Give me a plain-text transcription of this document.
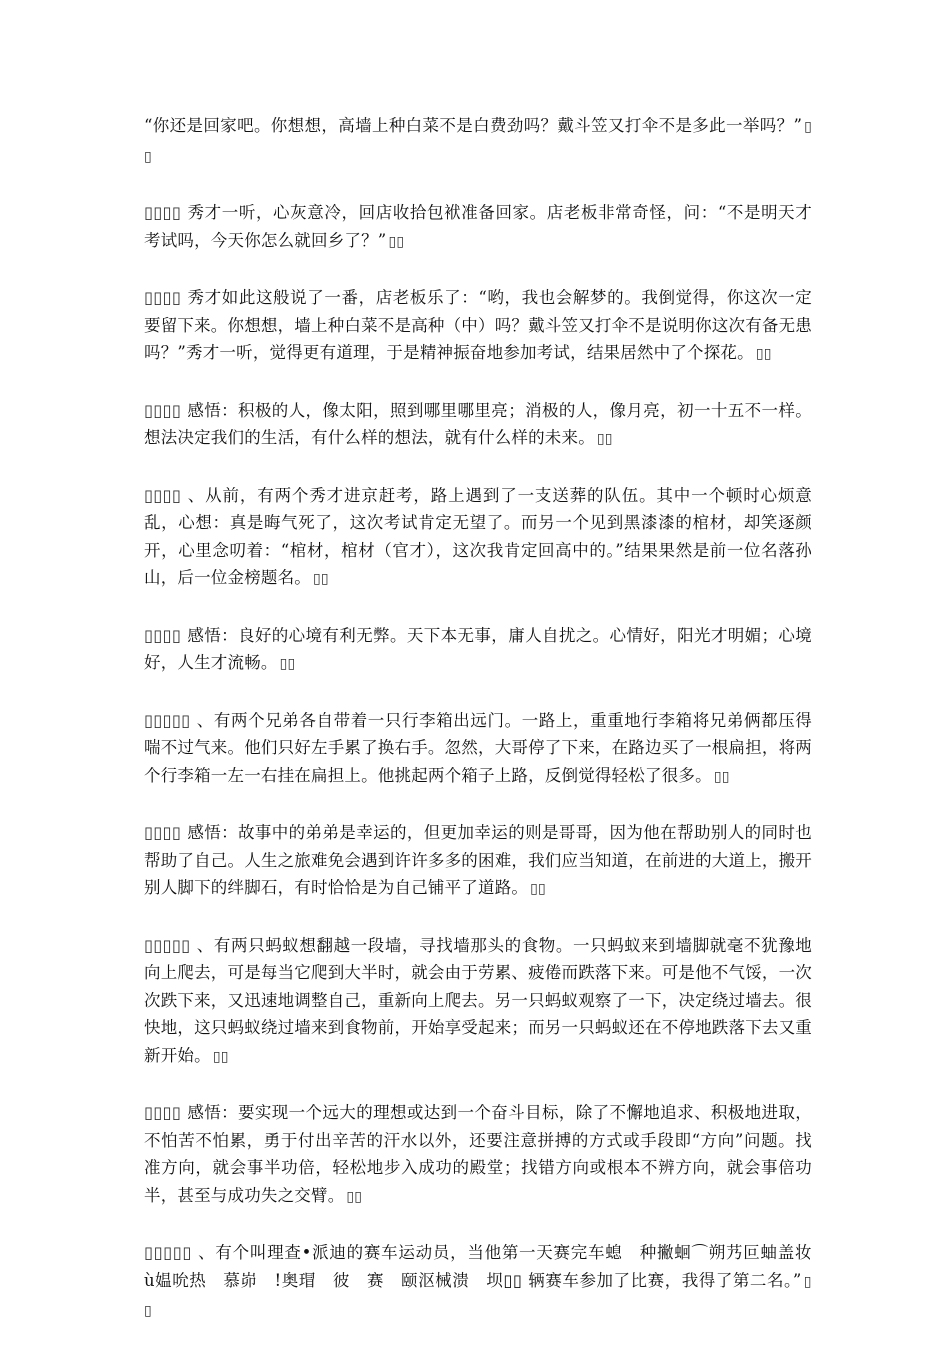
“你还是回家吧。你想想，高墙上种白菜不是白费劲吗？戴斗笠又打伞不是多此一举吗？” ▯▯

▯▯▯▯ 秀才一听，心灰意冷，回店收拾包袱准备回家。店老板非常奇怪，问：“不是明天才考试吗，今天你怎么就回乡了？” ▯▯

▯▯▯▯ 秀才如此这般说了一番，店老板乐了：“哟，我也会解梦的。我倒觉得，你这次一定要留下来。你想想，墙上种白菜不是高种（中）吗？戴斗笠又打伞不是说明你这次有备无患吗？”秀才一听，觉得更有道理，于是精神振奋地参加考试，结果居然中了个探花。 ▯▯

▯▯▯▯ 感悟：积极的人，像太阳，照到哪里哪里亮；消极的人，像月亮，初一十五不一样。想法决定我们的生活，有什么样的想法，就有什么样的未来。 ▯▯

▯▯▯▯ 、从前，有两个秀才进京赶考，路上遇到了一支送葬的队伍。其中一个顿时心烦意乱，心想：真是晦气死了，这次考试肯定无望了。而另一个见到黑漆漆的棺材，却笑逐颜开，心里念叨着：“棺材，棺材（官才），这次我肯定回高中的。”结果果然是前一位名落孙山，后一位金榜题名。 ▯▯

▯▯▯▯ 感悟：良好的心境有利无弊。天下本无事，庸人自扰之。心情好，阳光才明媚；心境好，人生才流畅。 ▯▯

▯▯▯▯▯ 、有两个兄弟各自带着一只行李箱出远门。一路上，重重地行李箱将兄弟俩都压得喘不过气来。他们只好左手累了换右手。忽然，大哥停了下来，在路边买了一根扁担，将两个行李箱一左一右挂在扁担上。他挑起两个箱子上路，反倒觉得轻松了很多。 ▯▯

▯▯▯▯ 感悟：故事中的弟弟是幸运的，但更加幸运的则是哥哥，因为他在帮助别人的同时也帮助了自己。人生之旅难免会遇到许许多多的困难，我们应当知道，在前进的大道上，搬开别人脚下的绊脚石，有时恰恰是为自己铺平了道路。 ▯▯

▯▯▯▯▯ 、有两只蚂蚁想翻越一段墙，寻找墙那头的食物。一只蚂蚁来到墙脚就毫不犹豫地向上爬去，可是每当它爬到大半时，就会由于劳累、疲倦而跌落下来。可是他不气馁，一次次跌下来，又迅速地调整自己，重新向上爬去。另一只蚂蚁观察了一下，决定绕过墙去。很快地，这只蚂蚁绕过墙来到食物前，开始享受起来；而另一只蚂蚁还在不停地跌落下去又重新开始。 ▯▯

▯▯▯▯ 感悟：要实现一个远大的理想或达到一个奋斗目标，除了不懈地追求、积极地进取，不怕苦不怕累，勇于付出辛苦的汗水以外，还要注意拼搏的方式或手段即“方向”问题。找准方向，就会事半功倍，轻松地步入成功的殿堂；找错方向或根本不辨方向，就会事倍功半，甚至与成功失之交臂。 ▯▯

▯▯▯▯▯ 、有个叫理查•派迪的赛车运动员，当他第一天赛完车螅　种撇蛔⌒朔艿叵蚰盖妆ù媪吮热　慕峁　!奥瑁　彼　赛　颐沤械溃　坝▯▯ 辆赛车参加了比赛，我得了第二名。” ▯▯
